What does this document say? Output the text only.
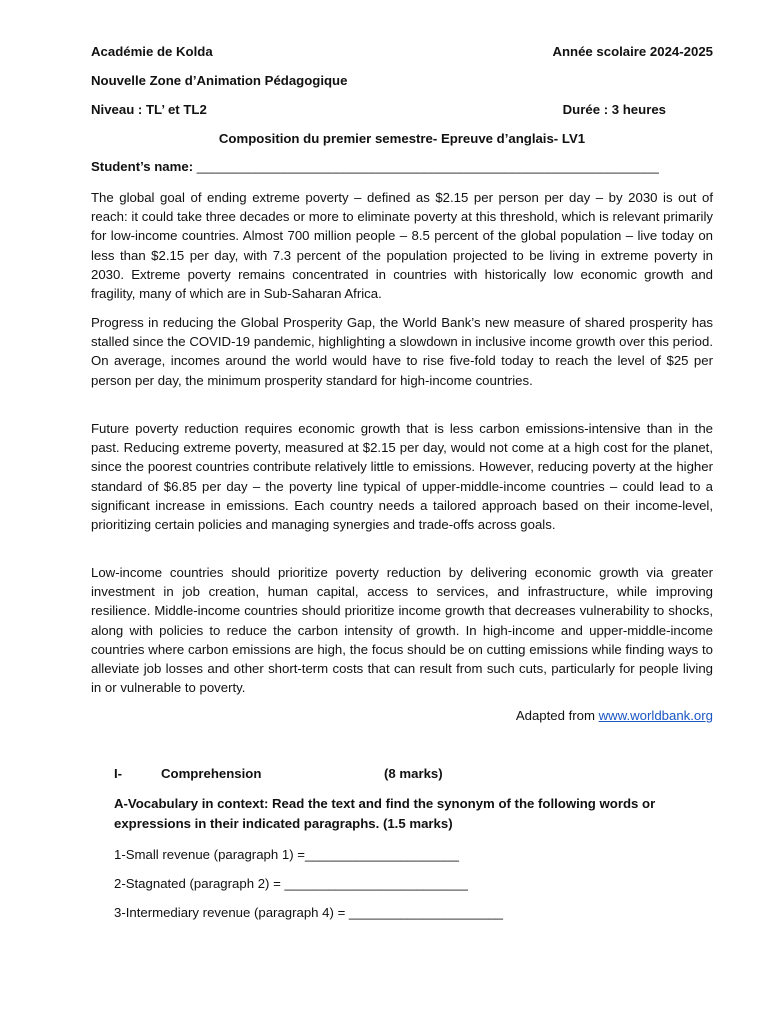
Académie de Kolda	Année scolaire 2024-2025
Nouvelle Zone d’Animation Pédagogique
Niveau : TL’ et TL2	Durée : 3 heures
Composition du premier semestre- Epreuve d’anglais- LV1
Student’s name: _______________________________________________________________

The global goal of ending extreme poverty – defined as $2.15 per person per day – by 2030 is out of reach: it could take three decades or more to eliminate poverty at this threshold, which is relevant primarily for low-income countries. Almost 700 million people – 8.5 percent of the global population – live today on less than $2.15 per day, with 7.3 percent of the population projected to be living in extreme poverty in 2030. Extreme poverty remains concentrated in countries with historically low economic growth and fragility, many of which are in Sub-Saharan Africa.

Progress in reducing the Global Prosperity Gap, the World Bank’s new measure of shared prosperity has stalled since the COVID-19 pandemic, highlighting a slowdown in inclusive income growth over this period. On average, incomes around the world would have to rise five-fold today to reach the level of $25 per person per day, the minimum prosperity standard for high-income countries.

Future poverty reduction requires economic growth that is less carbon emissions-intensive than in the past. Reducing extreme poverty, measured at $2.15 per day, would not come at a high cost for the planet, since the poorest countries contribute relatively little to emissions. However, reducing poverty at the higher standard of $6.85 per day – the poverty line typical of upper-middle-income countries – could lead to a significant increase in emissions. Each country needs a tailored approach based on their income-level, prioritizing certain policies and managing synergies and trade-offs across goals.

Low-income countries should prioritize poverty reduction by delivering economic growth via greater investment in job creation, human capital, access to services, and infrastructure, while improving resilience. Middle-income countries should prioritize income growth that decreases vulnerability to shocks, along with policies to reduce the carbon intensity of growth. In high-income and upper-middle-income countries where carbon emissions are high, the focus should be on cutting emissions while finding ways to alleviate job losses and other short-term costs that can result from such cuts, particularly for people living in or vulnerable to poverty.

Adapted from www.worldbank.org
I-	Comprehension	(8 marks)
A-Vocabulary in context: Read the text and find the synonym of the following words or expressions in their indicated paragraphs. (1.5 marks)
1-Small revenue (paragraph 1) =_____________________
2-Stagnated (paragraph 2) = _________________________
3-Intermediary revenue (paragraph 4) = _____________________
